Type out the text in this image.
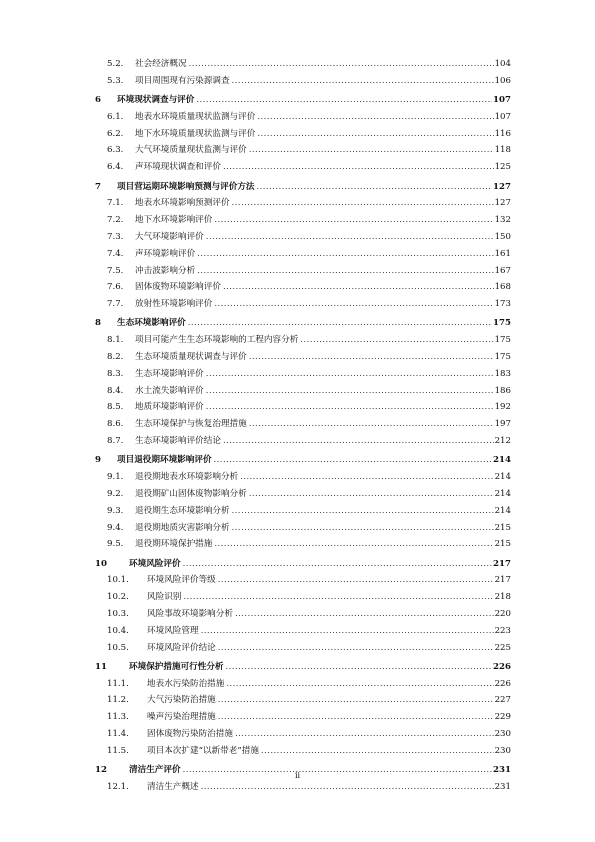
5.2.	社会经济概况 .....	104
5.3.	项目周围现有污染源调查 .....	106
6	环境现状调查与评价 .....	107
6.1.	地表水环境质量现状监测与评价 .....	107
6.2.	地下水环境质量现状监测与评价 .....	116
6.3.	大气环境质量现状监测与评价 .....	118
6.4.	声环境现状调查和评价 .....	125
7	项目营运期环境影响预测与评价方法 .....	127
7.1.	地表水环境影响预测评价 .....	127
7.2.	地下水环境影响评价 .....	132
7.3.	大气环境影响评价 .....	150
7.4.	声环境影响评价 .....	161
7.5.	冲击波影响分析 .....	167
7.6.	固体废物环境影响评价 .....	168
7.7.	放射性环境影响评价 .....	173
8	生态环境影响评价 .....	175
8.1.	项目可能产生生态环境影响的工程内容分析 .....	175
8.2.	生态环境质量现状调查与评价 .....	175
8.3.	生态环境影响评价 .....	183
8.4.	水土流失影响评价 .....	186
8.5.	地质环境影响评价 .....	192
8.6.	生态环境保护与恢复治理措施 .....	197
8.7.	生态环境影响评价结论 .....	212
9	项目退役期环境影响评价 .....	214
9.1.	退役期地表水环境影响分析 .....	214
9.2.	退役期矿山固体废物影响分析 .....	214
9.3.	退役期生态环境影响分析 .....	214
9.4.	退役期地质灾害影响分析 .....	215
9.5.	退役期环境保护措施 .....	215
10	环境风险评价 .....	217
10.1.	环境风险评价等级 .....	217
10.2.	风险识别 .....	218
10.3.	风险事故环境影响分析 .....	220
10.4.	环境风险管理 .....	223
10.5.	环境风险评价结论 .....	225
11	环境保护措施可行性分析 .....	226
11.1.	地表水污染防治措施 .....	226
11.2.	大气污染防治措施 .....	227
11.3.	噪声污染治理措施 .....	229
11.4.	固体废物污染防治措施 .....	230
11.5.	项目本次扩建“以新带老”措施 .....	230
12	清洁生产评价 .....	231
12.1.	清洁生产概述 .....	231
ii
